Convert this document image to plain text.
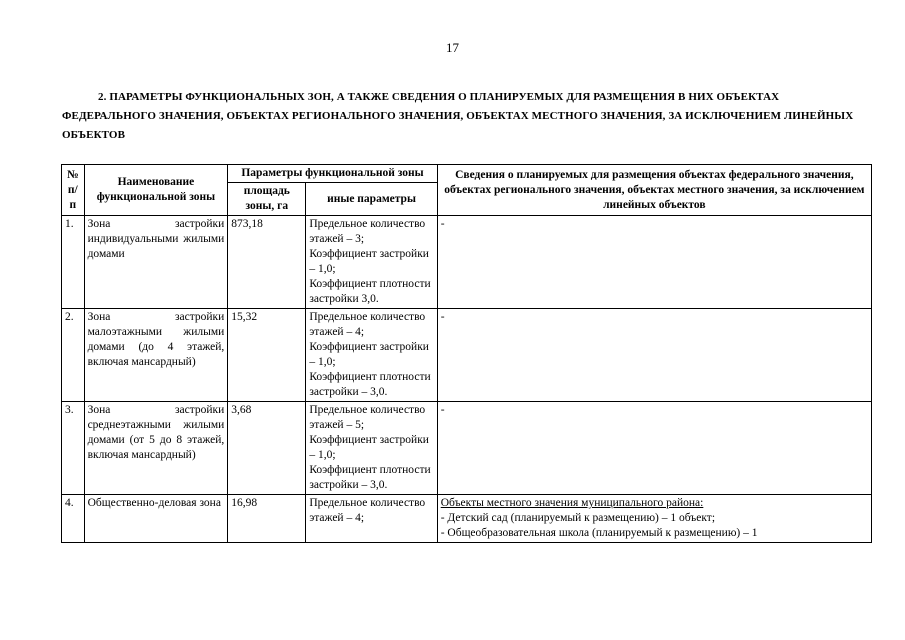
17
2. ПАРАМЕТРЫ ФУНКЦИОНАЛЬНЫХ ЗОН, А ТАКЖЕ СВЕДЕНИЯ О ПЛАНИРУЕМЫХ ДЛЯ РАЗМЕЩЕНИЯ В НИХ ОБЪЕКТАХ ФЕДЕРАЛЬНОГО ЗНАЧЕНИЯ, ОБЪЕКТАХ РЕГИОНАЛЬНОГО ЗНАЧЕНИЯ, ОБЪЕКТАХ МЕСТНОГО ЗНАЧЕНИЯ, ЗА ИСКЛЮЧЕНИЕМ ЛИНЕЙНЫХ ОБЪЕКТОВ
№ п/п	Наименование функциональной зоны	Параметры функциональной зоны		Сведения о планируемых для размещения объектах федерального значения, объектах регионального значения, объектах местного значения, за исключением линейных объектов
		площадь зоны, га	иные параметры	
1.	Зона застройки индивидуальными жилыми домами	873,18	Предельное количество этажей – 3;
Коэффициент застройки – 1,0;
Коэффициент плотности застройки 3,0.	-

2.	Зона застройки малоэтажными жилыми домами (до 4 этажей, включая мансардный)	15,32	Предельное количество этажей – 4;
Коэффициент застройки – 1,0;
Коэффициент плотности застройки – 3,0.	-

3.	Зона застройки среднеэтажными жилыми домами (от 5 до 8 этажей, включая мансардный)	3,68	Предельное количество этажей – 5;
Коэффициент застройки – 1,0;
Коэффициент плотности застройки – 3,0.	-

4.	Общественно-деловая зона	16,98	Предельное количество этажей – 4;	Объекты местного значения муниципального района:
- Детский сад (планируемый к размещению) – 1 объект;
- Общеобразовательная школа (планируемый к размещению) – 1
